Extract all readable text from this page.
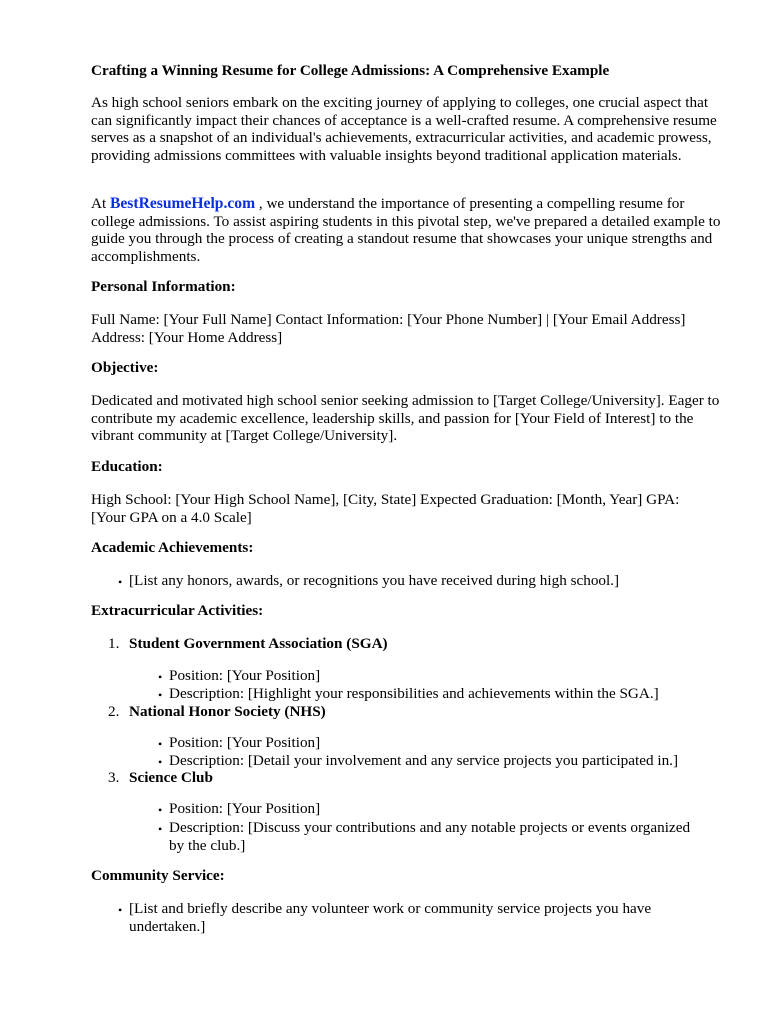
Crafting a Winning Resume for College Admissions: A Comprehensive Example

As high school seniors embark on the exciting journey of applying to colleges, one crucial aspect that can significantly impact their chances of acceptance is a well-crafted resume. A comprehensive resume serves as a snapshot of an individual's achievements, extracurricular activities, and academic prowess, providing admissions committees with valuable insights beyond traditional application materials.

At BestResumeHelp.com , we understand the importance of presenting a compelling resume for college admissions. To assist aspiring students in this pivotal step, we've prepared a detailed example to guide you through the process of creating a standout resume that showcases your unique strengths and accomplishments.

Personal Information:

Full Name: [Your Full Name] Contact Information: [Your Phone Number] | [Your Email Address] Address: [Your Home Address]

Objective:

Dedicated and motivated high school senior seeking admission to [Target College/University]. Eager to contribute my academic excellence, leadership skills, and passion for [Your Field of Interest] to the vibrant community at [Target College/University].

Education:

High School: [Your High School Name], [City, State] Expected Graduation: [Month, Year] GPA: [Your GPA on a 4.0 Scale]

Academic Achievements:

• [List any honors, awards, or recognitions you have received during high school.]

Extracurricular Activities:

1. Student Government Association (SGA)

• Position: [Your Position]

• Description: [Highlight your responsibilities and achievements within the SGA.]

2. National Honor Society (NHS)

• Position: [Your Position]

• Description: [Detail your involvement and any service projects you participated in.]

3. Science Club

• Position: [Your Position]

• Description: [Discuss your contributions and any notable projects or events organized by the club.]

Community Service:

• [List and briefly describe any volunteer work or community service projects you have undertaken.]
